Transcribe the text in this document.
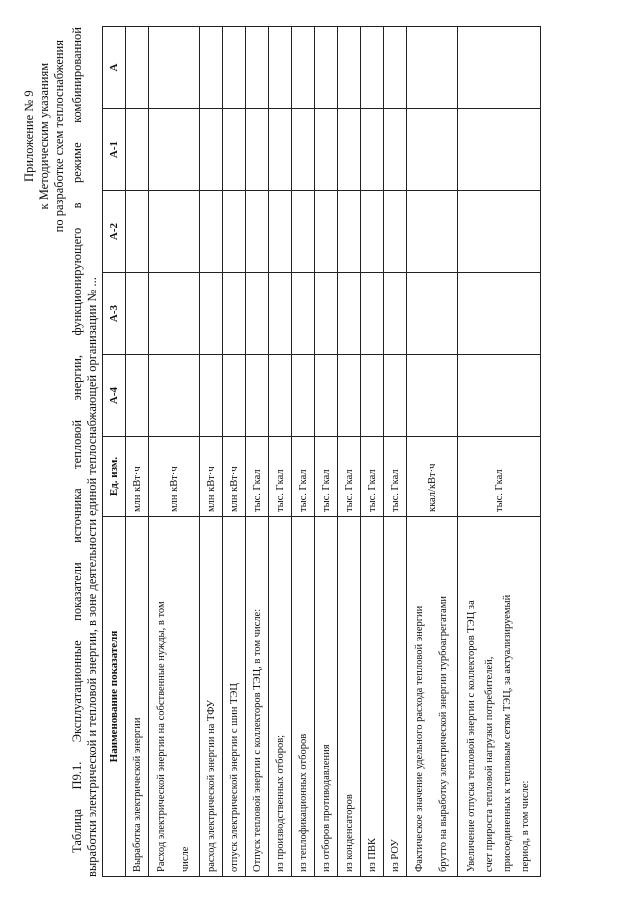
Приложение № 9 к Методическим указаниям по разработке схем теплоснабжения Таблица П9.1. Эксплуатационные показатели источника тепловой энергии, функционирующего в режиме комбинированной выработки электрической и тепловой энергии, в зоне деятельности единой теплоснабжающей организации № ... Наименование показателя	Ед. изм.	А-4	А-3	А-2	А-1	А
Выработка электрической энергии	млн кВт·ч					

Расход электрической энергии на собственные нужды, в том числе	млн кВт·ч					
расход электрической энергии на ТФУ	млн кВт·ч					
отпуск электрической энергии с шин ТЭЦ	млн кВт·ч					
Отпуск тепловой энергии с коллекторов ТЭЦ, в том числе:	тыс. Гкал					
из производственных отборов;	тыс. Гкал					
из теплофикационных отборов	тыс. Гкал					
из отборов противодавления	тыс. Гкал					
из конденсаторов	тыс. Гкал					
из ПВК	тыс. Гкал					
из РОУ	тыс. Гкал					

Фактическое значение удельного расхода тепловой энергии брутто на выработку электрической энергии турбоагрегатами	ккал/кВт·ч					

Увеличение отпуска тепловой энергии с коллекторов ТЭЦ за счет прироста тепловой нагрузки потребителей, присоединенных к тепловым сетям ТЭЦ, за актуализируемый период, в том числе:	тыс. Гкал					
